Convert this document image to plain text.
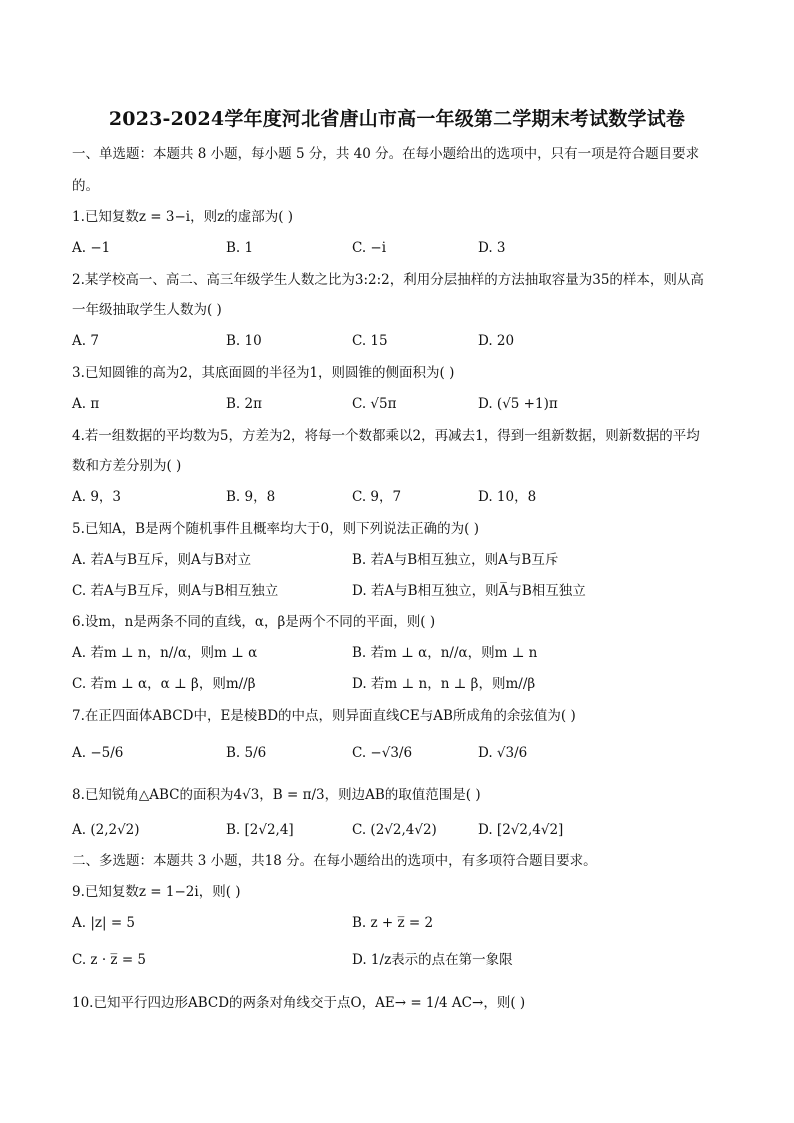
2023-2024学年度河北省唐山市高一年级第二学期末考试数学试卷
一、单选题：本题共 8 小题，每小题 5 分，共 40 分。在每小题给出的选项中，只有一项是符合题目要求
的。
1.已知复数z = 3−i，则z的虚部为( )
A. −1	B. 1	C. −i	D. 3
2.某学校高一、高二、高三年级学生人数之比为3:2:2，利用分层抽样的方法抽取容量为35的样本，则从高
一年级抽取学生人数为( )
A. 7	B. 10	C. 15	D. 20
3.已知圆锥的高为2，其底面圆的半径为1，则圆锥的侧面积为( )
A. π	B. 2π	C. √5π	D. (√5 +1)π
4.若一组数据的平均数为5，方差为2，将每一个数都乘以2，再减去1，得到一组新数据，则新数据的平均
数和方差分别为( )
A. 9，3	B. 9，8	C. 9，7	D. 10，8
5.已知A，B是两个随机事件且概率均大于0，则下列说法正确的为( )
A. 若A与B互斥，则A与B对立	B. 若A与B相互独立，则A与B互斥
C. 若A与B互斥，则A与B相互独立	D. 若A与B相互独立，则A̅与B相互独立
6.设m，n是两条不同的直线，α，β是两个不同的平面，则( )
A. 若m ⊥ n，n//α，则m ⊥ α	B. 若m ⊥ α，n//α，则m ⊥ n
C. 若m ⊥ α，α ⊥ β，则m//β	D. 若m ⊥ n，n ⊥ β，则m//β
7.在正四面体ABCD中，E是棱BD的中点，则异面直线CE与AB所成角的余弦值为( )
A. −5/6	B. 5/6	C. −√3/6	D. √3/6
8.已知锐角△ABC的面积为4√3，B = π/3，则边AB的取值范围是( )
A. (2,2√2)	B. [2√2,4]	C. (2√2,4√2)	D. [2√2,4√2]
二、多选题：本题共 3 小题，共18 分。在每小题给出的选项中，有多项符合题目要求。
9.已知复数z = 1−2i，则( )
A. |z| = 5	B. z + z̅ = 2
C. z · z̅ = 5	D. 1/z表示的点在第一象限
10.已知平行四边形ABCD的两条对角线交于点O，AE→ = 1/4 AC→，则( )
